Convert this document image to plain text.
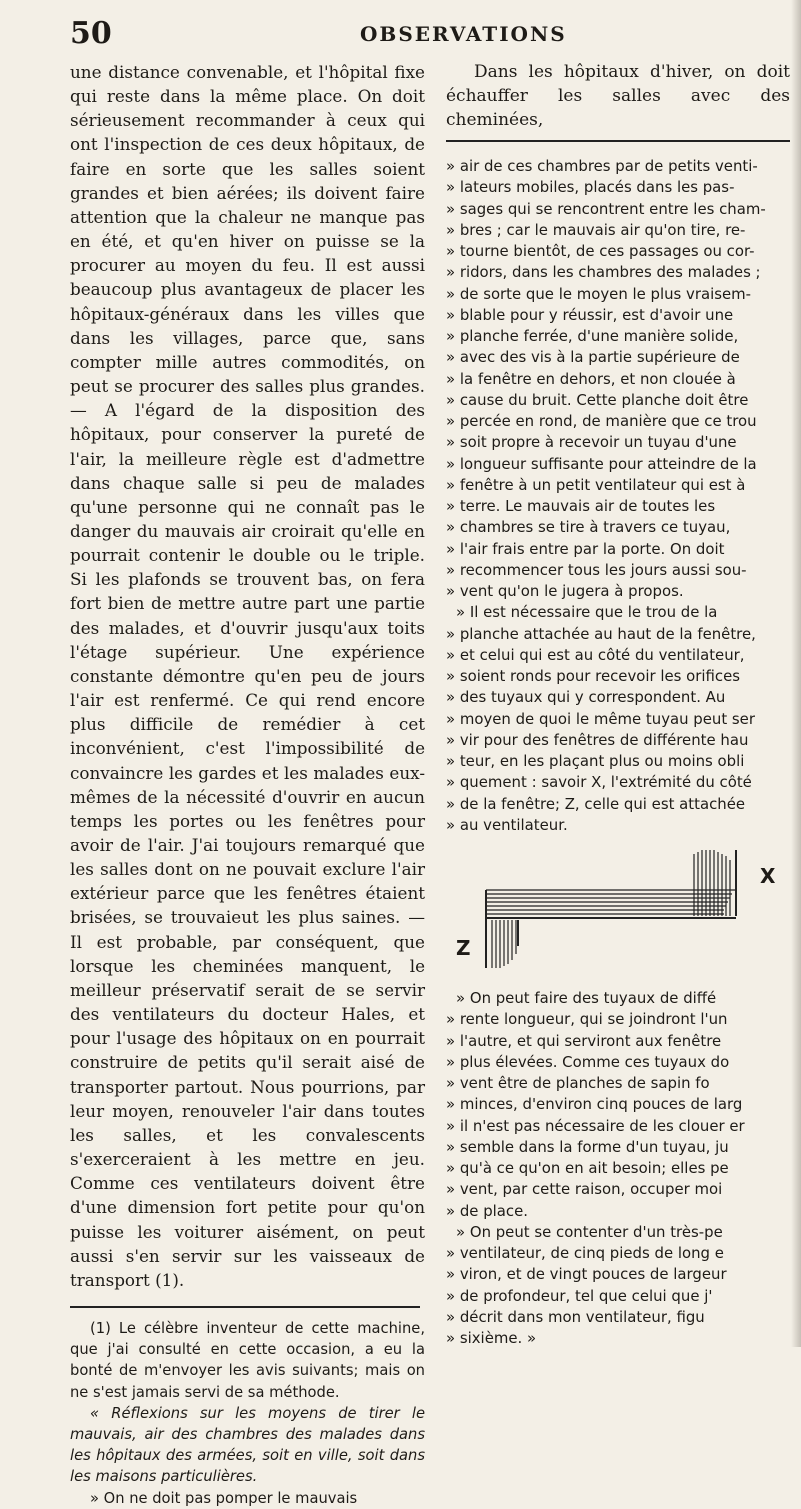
50	OBSERVATIONS

une distance convenable, et l'hôpital fixe qui reste dans la même place. On doit sérieusement recommander à ceux qui ont l'inspection de ces deux hôpitaux, de faire en sorte que les salles soient grandes et bien aérées; ils doivent faire attention que la chaleur ne manque pas en été, et qu'en hiver on puisse se la procurer au moyen du feu. Il est aussi beaucoup plus avantageux de placer les hôpitaux-généraux dans les villes que dans les villages, parce que, sans compter mille autres commodités, on peut se procurer des salles plus grandes. — A l'égard de la disposition des hôpitaux, pour conserver la pureté de l'air, la meilleure règle est d'admettre dans chaque salle si peu de malades qu'une personne qui ne connaît pas le danger du mauvais air croirait qu'elle en pourrait contenir le double ou le triple. Si les plafonds se trouvent bas, on fera fort bien de mettre autre part une partie des malades, et d'ouvrir jusqu'aux toits l'étage supérieur. Une expérience constante démontre qu'en peu de jours l'air est renfermé. Ce qui rend encore plus difficile de remédier à cet inconvénient, c'est l'impossibilité de convaincre les gardes et les malades eux-mêmes de la nécessité d'ouvrir en aucun temps les portes ou les fenêtres pour avoir de l'air. J'ai toujours remarqué que les salles dont on ne pouvait exclure l'air extérieur parce que les fenêtres étaient brisées, se trouvaieut les plus saines. — Il est probable, par conséquent, que lorsque les cheminées manquent, le meilleur préservatif serait de se servir des ventilateurs du docteur Hales, et pour l'usage des hôpitaux on en pourrait construire de petits qu'il serait aisé de transporter partout. Nous pourrions, par leur moyen, renouveler l'air dans toutes les salles, et les convalescents s'exerceraient à les mettre en jeu. Comme ces ventilateurs doivent être d'une dimension fort petite pour qu'on puisse les voiturer aisément, on peut aussi s'en servir sur les vaisseaux de transport (1).

(1) Le célèbre inventeur de cette machine, que j'ai consulté en cette occasion, a eu la bonté de m'envoyer les avis suivants; mais on ne s'est jamais servi de sa méthode.

« Réflexions sur les moyens de tirer le mauvais, air des chambres des malades dans les hôpitaux des armées, soit en ville, soit dans les maisons particulières.

» On ne doit pas pomper le mauvais

Dans les hôpitaux d'hiver, on doit échauffer les salles avec des cheminées,

» air de ces chambres par de petits venti-

» lateurs mobiles, placés dans les pas-

» sages qui se rencontrent entre les cham-

» bres ; car le mauvais air qu'on tire, re-

» tourne bientôt, de ces passages ou cor-

» ridors, dans les chambres des malades ;

» de sorte que le moyen le plus vraisem-

» blable pour y réussir, est d'avoir une

» planche ferrée, d'une manière solide,

» avec des vis à la partie supérieure de

» la fenêtre en dehors, et non clouée à

» cause du bruit. Cette planche doit être

» percée en rond, de manière que ce trou

» soit propre à recevoir un tuyau d'une

» longueur suffisante pour atteindre de la

» fenêtre à un petit ventilateur qui est à

» terre. Le mauvais air de toutes les

» chambres se tire à travers ce tuyau,

» l'air frais entre par la porte. On doit

» recommencer tous les jours aussi sou-

» vent qu'on le jugera à propos.

» Il est nécessaire que le trou de la

» planche attachée au haut de la fenêtre,

» et celui qui est au côté du ventilateur,

» soient ronds pour recevoir les orifices

» des tuyaux qui y correspondent. Au

» moyen de quoi le même tuyau peut ser

» vir pour des fenêtres de différente hau

» teur, en les plaçant plus ou moins obli

» quement : savoir X, l'extrémité du côté

» de la fenêtre; Z, celle qui est attachée

» au ventilateur.

X
Z

» On peut faire des tuyaux de diffé

» rente longueur, qui se joindront l'un

» l'autre, et qui serviront aux fenêtre

» plus élevées. Comme ces tuyaux do

» vent être de planches de sapin fo

» minces, d'environ cinq pouces de larg

» il n'est pas nécessaire de les clouer er

» semble dans la forme d'un tuyau, ju

» qu'à ce qu'on en ait besoin; elles pe

» vent, par cette raison, occuper moi

» de place.

» On peut se contenter d'un très-pe

» ventilateur, de cinq pieds de long e

» viron, et de vingt pouces de largeur

» de profondeur, tel que celui que j'

» décrit dans mon ventilateur, figu

» sixième. »
